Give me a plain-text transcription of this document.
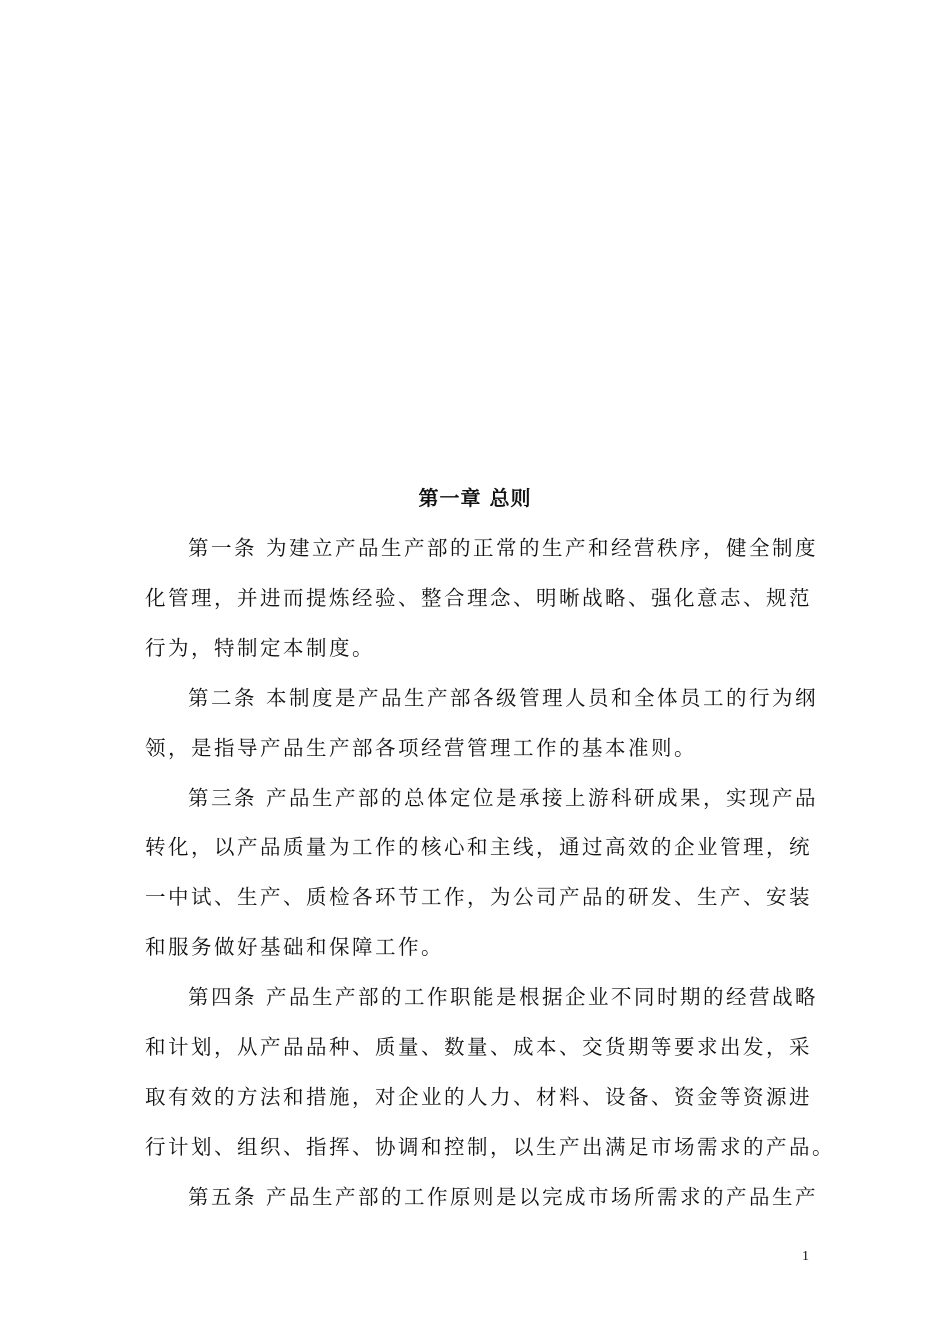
第一章 总则
第一条 为建立产品生产部的正常的生产和经营秩序，健全制度
化管理，并进而提炼经验、整合理念、明晰战略、强化意志、规范
行为，特制定本制度。
第二条 本制度是产品生产部各级管理人员和全体员工的行为纲
领，是指导产品生产部各项经营管理工作的基本准则。
第三条 产品生产部的总体定位是承接上游科研成果，实现产品
转化，以产品质量为工作的核心和主线，通过高效的企业管理，统
一中试、生产、质检各环节工作，为公司产品的研发、生产、安装
和服务做好基础和保障工作。
第四条 产品生产部的工作职能是根据企业不同时期的经营战略
和计划，从产品品种、质量、数量、成本、交货期等要求出发，采
取有效的方法和措施，对企业的人力、材料、设备、资金等资源进
行计划、组织、指挥、协调和控制，以生产出满足市场需求的产品。
第五条 产品生产部的工作原则是以完成市场所需求的产品生产
1
